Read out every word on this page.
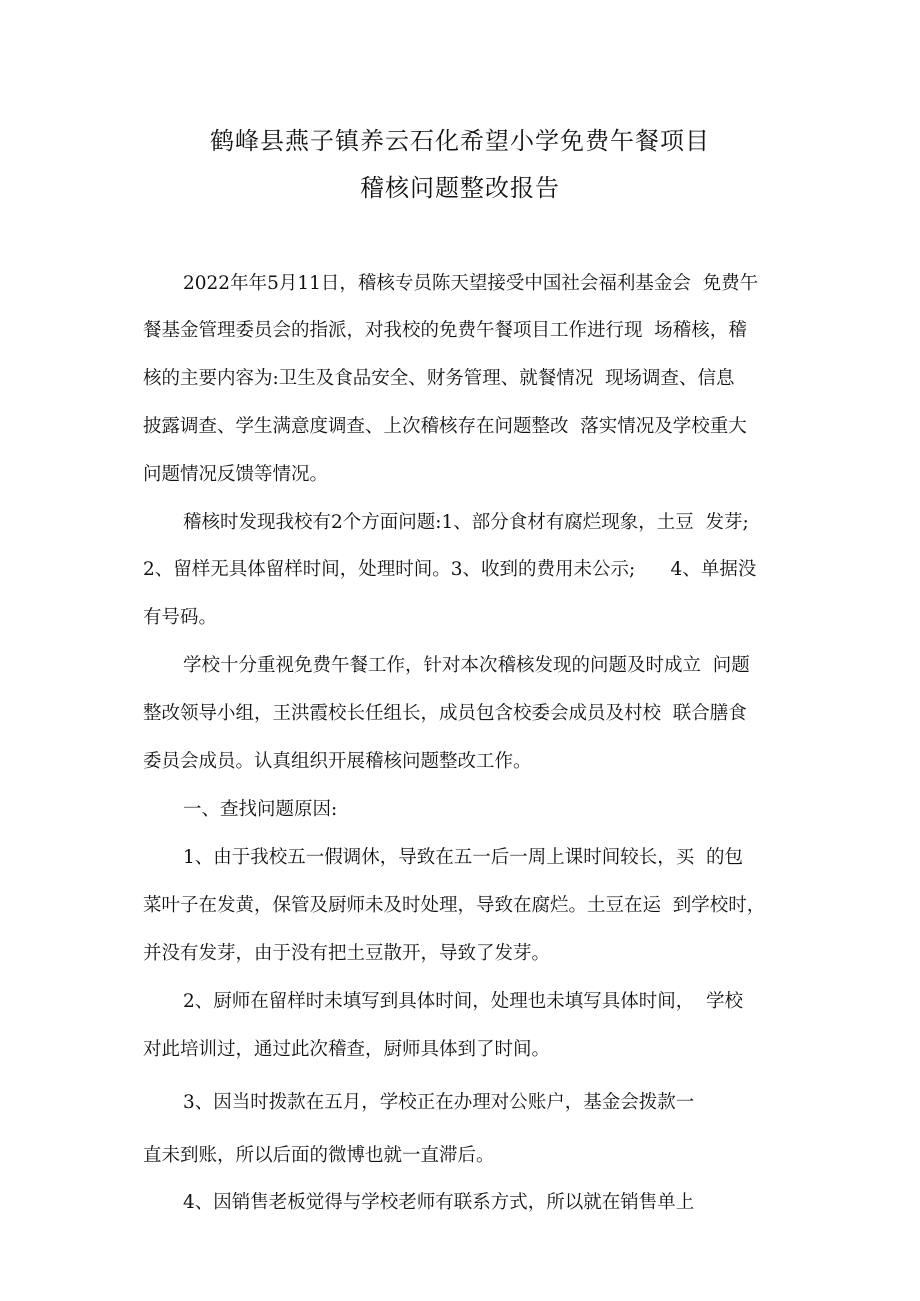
鹤峰县燕子镇养云石化希望小学免费午餐项目
稽核问题整改报告
2022年年5月11日，稽核专员陈天望接受中国社会福利基金会  免费午
餐基金管理委员会的指派，对我校的免费午餐项目工作进行现  场稽核，稽
核的主要内容为:卫生及食品安全、财务管理、就餐情况  现场调查、信息
披露调查、学生满意度调查、上次稽核存在问题整改  落实情况及学校重大
问题情况反馈等情况。
稽核时发现我校有2个方面问题:1、部分食材有腐烂现象，土豆  发芽;
2、留样无具体留样时间，处理时间。3、收到的费用未公示;      4、单据没
有号码。
学校十分重视免费午餐工作，针对本次稽核发现的问题及时成立  问题
整改领导小组，王洪霞校长任组长，成员包含校委会成员及村校  联合膳食
委员会成员。认真组织开展稽核问题整改工作。
一、查找问题原因:
1、由于我校五一假调休，导致在五一后一周上课时间较长，买  的包
菜叶子在发黄，保管及厨师未及时处理，导致在腐烂。土豆在运  到学校时，
并没有发芽，由于没有把土豆散开，导致了发芽。
2、厨师在留样时未填写到具体时间，处理也未填写具体时间，  学校
对此培训过，通过此次稽查，厨师具体到了时间。
3、因当时拨款在五月，学校正在办理对公账户，基金会拨款一
直未到账，所以后面的微博也就一直滞后。
4、因销售老板觉得与学校老师有联系方式，所以就在销售单上
